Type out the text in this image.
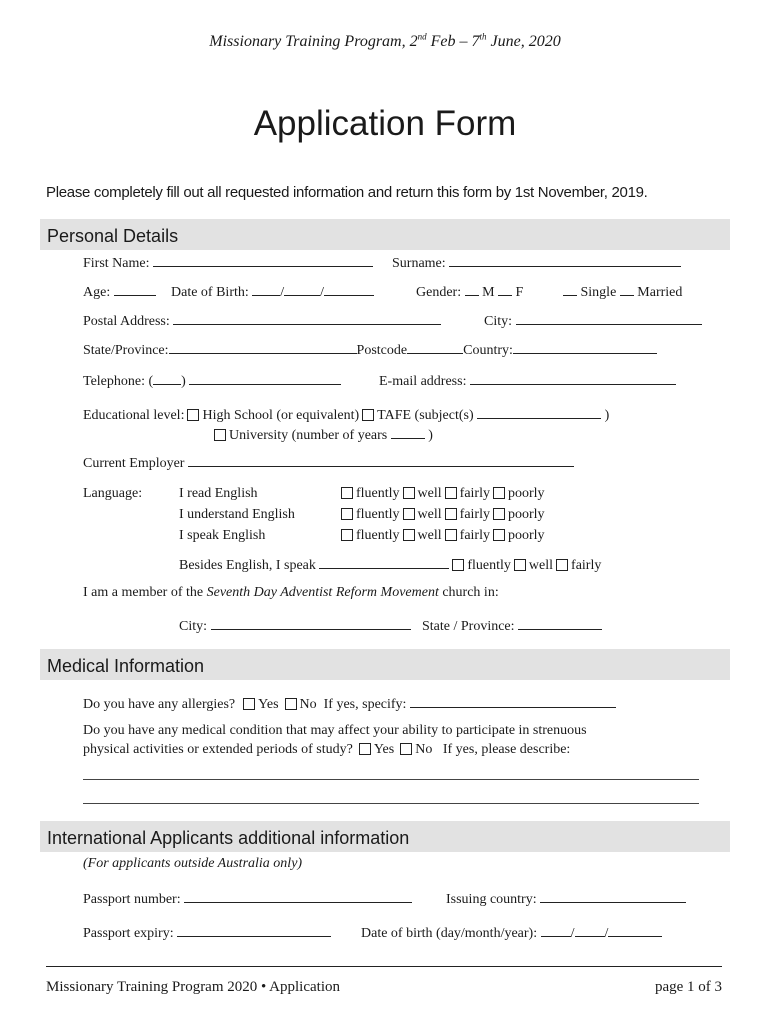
Missionary Training Program, 2nd Feb – 7th June, 2020
Application Form
Please completely fill out all requested information and return this form by 1st November, 2019.
Personal Details
First Name:	Surname:
Age:	Date of Birth: /	/	Gender: M F	Single Married
Postal Address:	City:
State/Province:	Postcode	Country:
Telephone: ( )	E-mail address:
Educational level: High School (or equivalent) TAFE (subject(s)	)
University (number of years	)
Current Employer
Language:	I read English	fluently well fairly poorly
I understand English	fluently well fairly poorly
I speak English	fluently well fairly poorly
Besides English, I speak	fluently well fairly
I am a member of the Seventh Day Adventist Reform Movement church in:
City:	State / Province:
Medical Information
Do you have any allergies? Yes No If yes, specify:
Do you have any medical condition that may affect your ability to participate in strenuous
physical activities or extended periods of study? Yes No If yes, please describe:
International Applicants additional information
(For applicants outside Australia only)
Passport number:	Issuing country:
Passport expiry:	Date of birth (day/month/year): / /
Missionary Training Program 2020 • Application	page 1 of 3
